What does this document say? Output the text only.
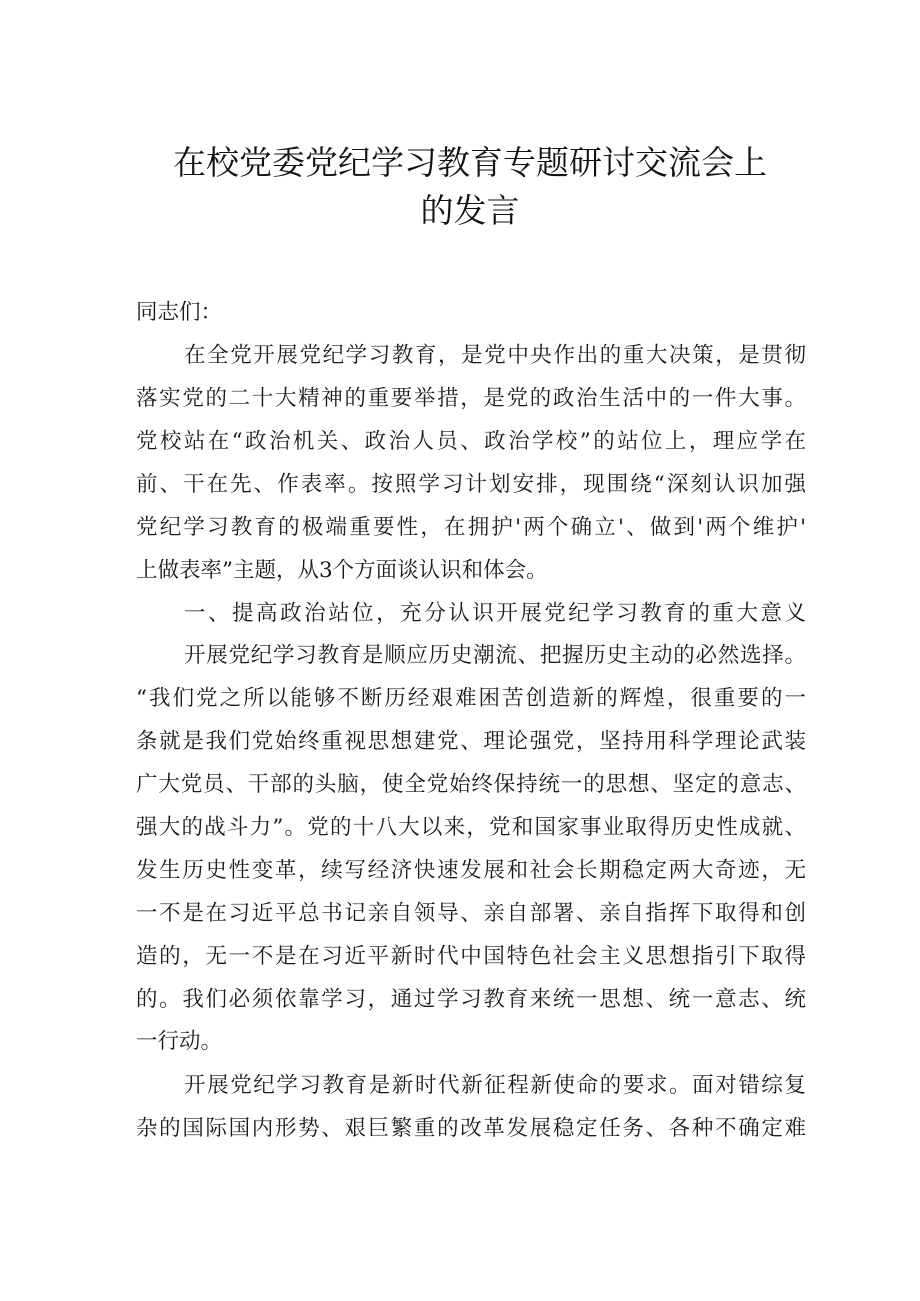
在校党委党纪学习教育专题研讨交流会上
的发言
同志们：
在全党开展党纪学习教育，是党中央作出的重大决策，是贯彻
落实党的二十大精神的重要举措，是党的政治生活中的一件大事。
党校站在“政治机关、政治人员、政治学校”的站位上，理应学在
前、干在先、作表率。按照学习计划安排，现围绕“深刻认识加强
党纪学习教育的极端重要性，在拥护'两个确立'、做到'两个维护'
上做表率”主题，从3个方面谈认识和体会。
一、提高政治站位，充分认识开展党纪学习教育的重大意义
开展党纪学习教育是顺应历史潮流、把握历史主动的必然选择。
“我们党之所以能够不断历经艰难困苦创造新的辉煌，很重要的一
条就是我们党始终重视思想建党、理论强党，坚持用科学理论武装
广大党员、干部的头脑，使全党始终保持统一的思想、坚定的意志、
强大的战斗力”。党的十八大以来，党和国家事业取得历史性成就、
发生历史性变革，续写经济快速发展和社会长期稳定两大奇迹，无
一不是在习近平总书记亲自领导、亲自部署、亲自指挥下取得和创
造的，无一不是在习近平新时代中国特色社会主义思想指引下取得
的。我们必须依靠学习，通过学习教育来统一思想、统一意志、统
一行动。
开展党纪学习教育是新时代新征程新使命的要求。面对错综复
杂的国际国内形势、艰巨繁重的改革发展稳定任务、各种不确定难
